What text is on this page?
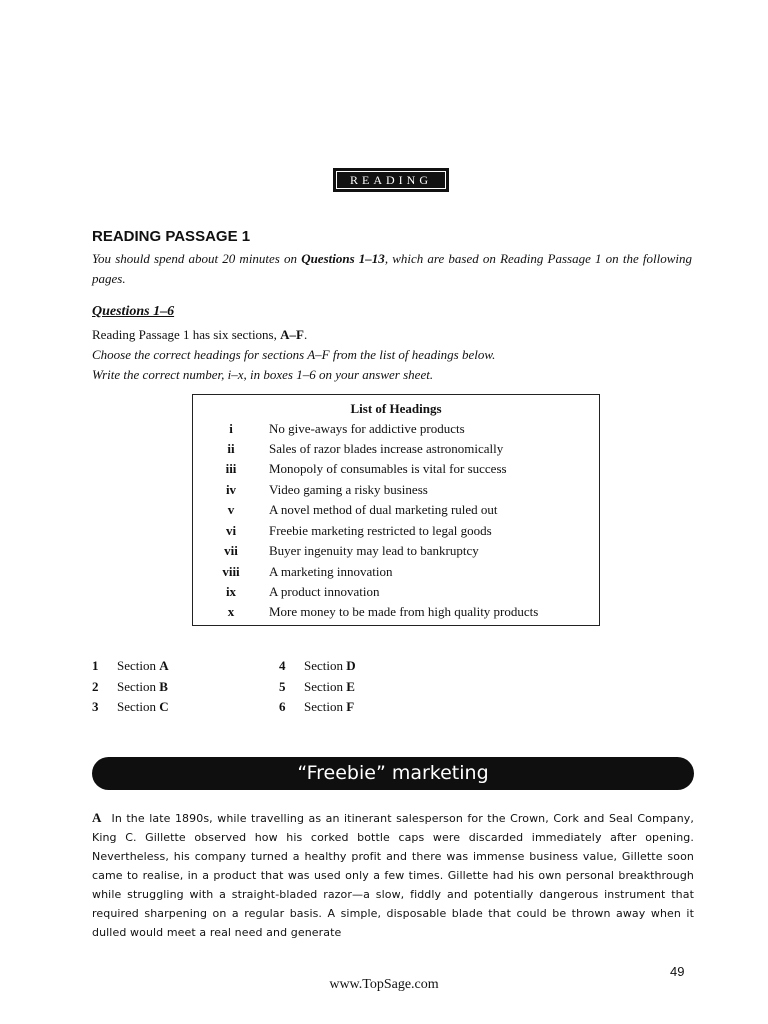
READING
READING PASSAGE 1
You should spend about 20 minutes on Questions 1–13, which are based on Reading Passage 1 on the following pages.
Questions 1–6
Reading Passage 1 has six sections, A–F.
Choose the correct headings for sections A–F from the list of headings below.
Write the correct number, i–x, in boxes 1–6 on your answer sheet.
List of Headings
i	No give-aways for addictive products
ii	Sales of razor blades increase astronomically
iii	Monopoly of consumables is vital for success
iv	Video gaming a risky business
v	A novel method of dual marketing ruled out
vi	Freebie marketing restricted to legal goods
vii	Buyer ingenuity may lead to bankruptcy
viii A marketing innovation
ix	A product innovation
x	More money to be made from high quality products
1 Section A
2 Section B
3 Section C
4 Section D
5 Section E
6 Section F
“Freebie” marketing
A In the late 1890s, while travelling as an itinerant salesperson for the Crown, Cork and Seal Company, King C. Gillette observed how his corked bottle caps were discarded immediately after opening. Nevertheless, his company turned a healthy profit and there was immense business value, Gillette soon came to realise, in a product that was used only a few times. Gillette had his own personal breakthrough while struggling with a straight-bladed razor—a slow, fiddly and potentially dangerous instrument that required sharpening on a regular basis. A simple, disposable blade that could be thrown away when it dulled would meet a real need and generate
49
www.TopSage.com
